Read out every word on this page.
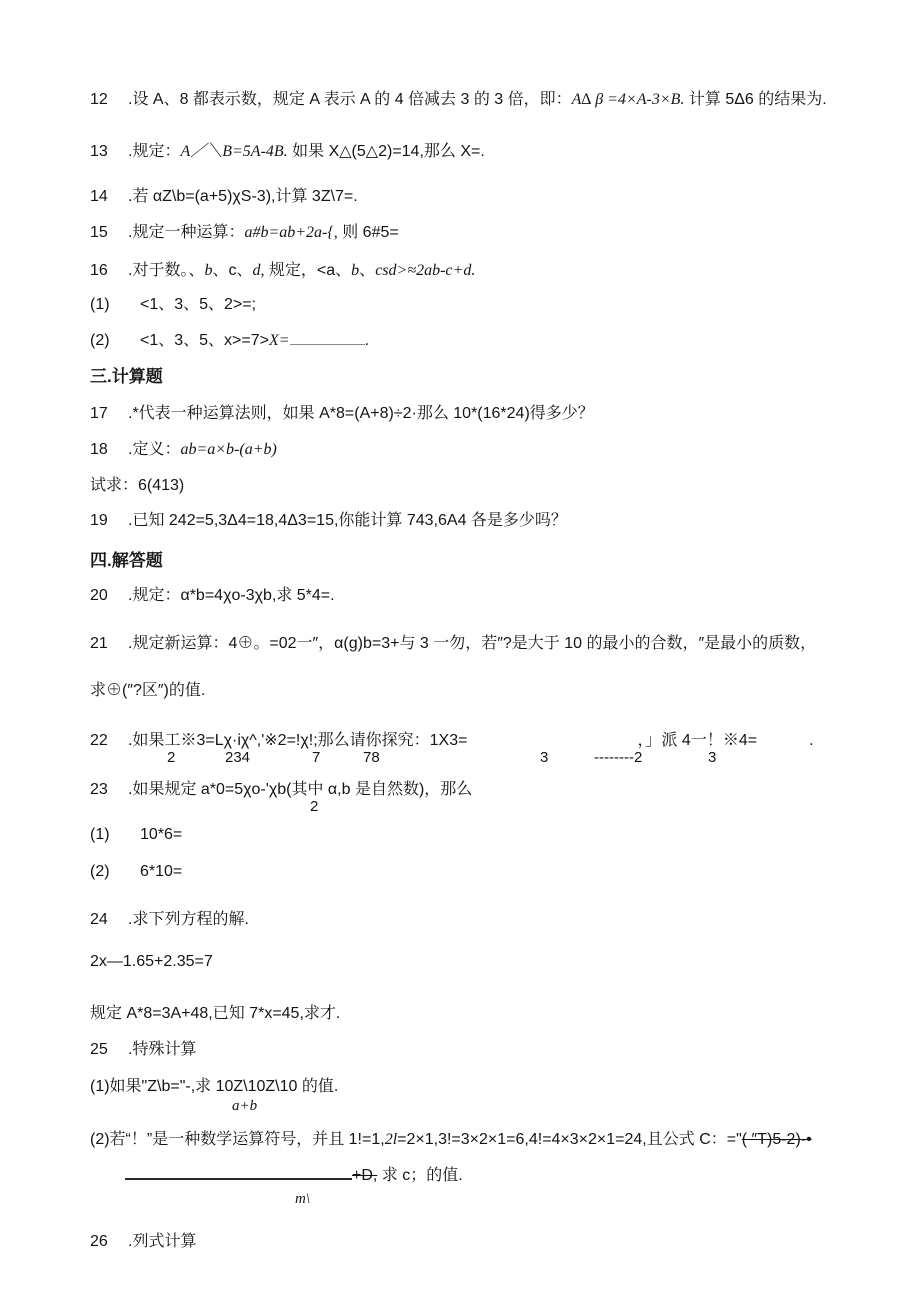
12 .设 A、8 都表示数，规定 A 表示 A 的 4 倍减去 3 的 3 倍，即：A∆ β =4×A-3×B. 计算 5Δ6 的结果为.
13 .规定：A／＼B=5A-4B. 如果 X△(5△2)=14,那么 X=.
14 .若 αZ\b=(a+5)χS-3),计算 3Z\7=.
15 .规定一种运算：a#b=ab+2a-{, 则 6#5=
16 .对于数。、b、c、d, 规定，<a、b、csd>≈2ab-c+d.
(1) <1、3、5、2>=;
(2) <1、3、5、x>=7>X=	.
三.计算题
17 .*代表一种运算法则，如果 A*8=(A+8)÷2·那么 10*(16*24)得多少？
18 .定义：ab=a×b-(a+b)
试求：6(413)
19 .已知 242=5,3Δ4=18,4Δ3=15,你能计算 743,6A4 各是多少吗？
四.解答题
20 .规定：α*b=4χo-3χb,求 5*4=.
21 .规定新运算：4⊕。=02一″，α(g)b=3+与 3 一勿，若″?是大于 10 的最小的合数，″是最小的质数，
求⊕(″?区″)的值.
22 .如果工※3=Lχ·iχ^,'※2=!χ!;那么请你探究：1X3=	，」派 4一！※4=	.
2	234	7	78	3	--------2	3
23 .如果规定 a*0=5χo-'χb(其中 α,b 是自然数)，那么
2
(1) 10*6=
(2) 6*10=
24 .求下列方程的解.
2x—1.65+2.35=7
规定 A*8=3A+48,已知 7*x=45,求才.
25 .特殊计算
(1)如果"Z\b="-,求 10Z\10Z\10 的值.
a+b
(2)若“！”是一种数学运算符号，并且 1!=1,2l=2×1,3!=3×2×1=6,4!=4×3×2×1=24,且公式 C：="( ″T)5-2)-•
+D, 求 c；的值.
m\
26 .列式计算
